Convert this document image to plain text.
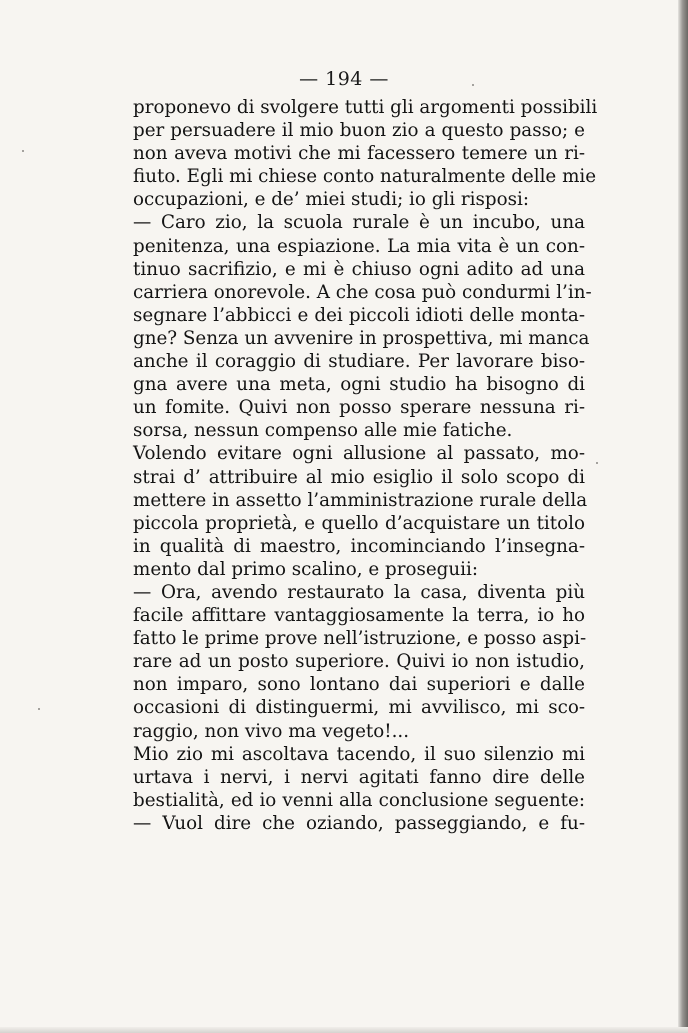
— 194 —
proponevo di svolgere tutti gli argomenti possibili
per persuadere il mio buon zio a questo passo; e
non aveva motivi che mi facessero temere un ri-
fiuto. Egli mi chiese conto naturalmente delle mie
occupazioni, e de’ miei studi; io gli risposi:
— Caro zio, la scuola rurale è un incubo, una
penitenza, una espiazione. La mia vita è un con-
tinuo sacrifizio, e mi è chiuso ogni adito ad una
carriera onorevole. A che cosa può condurmi l’in-
segnare l’abbicci e dei piccoli idioti delle monta-
gne? Senza un avvenire in prospettiva, mi manca
anche il coraggio di studiare. Per lavorare biso-
gna avere una meta, ogni studio ha bisogno di
un fomite. Quivi non posso sperare nessuna ri-
sorsa, nessun compenso alle mie fatiche.
Volendo evitare ogni allusione al passato, mo-
strai d’ attribuire al mio esiglio il solo scopo di
mettere in assetto l’amministrazione rurale della
piccola proprietà, e quello d’acquistare un titolo
in qualità di maestro, incominciando l’insegna-
mento dal primo scalino, e proseguii:
— Ora, avendo restaurato la casa, diventa più
facile affittare vantaggiosamente la terra, io ho
fatto le prime prove nell’istruzione, e posso aspi-
rare ad un posto superiore. Quivi io non istudio,
non imparo, sono lontano dai superiori e dalle
occasioni di distinguermi, mi avvilisco, mi sco-
raggio, non vivo ma vegeto!...
Mio zio mi ascoltava tacendo, il suo silenzio mi
urtava i nervi, i nervi agitati fanno dire delle
bestialità, ed io venni alla conclusione seguente:
— Vuol dire che oziando, passeggiando, e fu-
